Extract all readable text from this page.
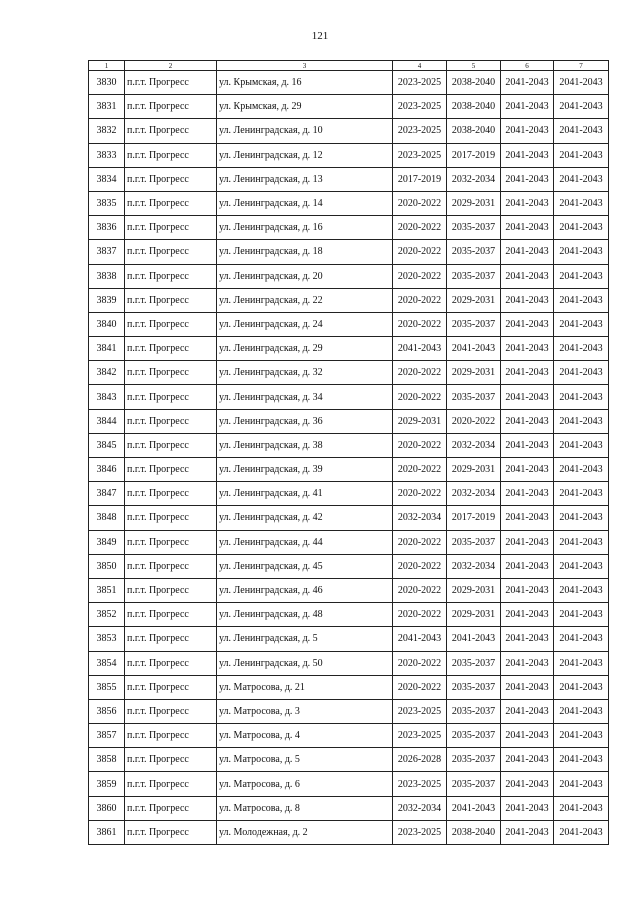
121
1	2	3	4	5	6	7
3830	п.г.т. Прогресс	ул. Крымская, д. 16	2023-2025	2038-2040	2041-2043	2041-2043
3831	п.г.т. Прогресс	ул. Крымская, д. 29	2023-2025	2038-2040	2041-2043	2041-2043
3832	п.г.т. Прогресс	ул. Ленинградская, д. 10	2023-2025	2038-2040	2041-2043	2041-2043
3833	п.г.т. Прогресс	ул. Ленинградская, д. 12	2023-2025	2017-2019	2041-2043	2041-2043
3834	п.г.т. Прогресс	ул. Ленинградская, д. 13	2017-2019	2032-2034	2041-2043	2041-2043
3835	п.г.т. Прогресс	ул. Ленинградская, д. 14	2020-2022	2029-2031	2041-2043	2041-2043
3836	п.г.т. Прогресс	ул. Ленинградская, д. 16	2020-2022	2035-2037	2041-2043	2041-2043
3837	п.г.т. Прогресс	ул. Ленинградская, д. 18	2020-2022	2035-2037	2041-2043	2041-2043
3838	п.г.т. Прогресс	ул. Ленинградская, д. 20	2020-2022	2035-2037	2041-2043	2041-2043
3839	п.г.т. Прогресс	ул. Ленинградская, д. 22	2020-2022	2029-2031	2041-2043	2041-2043
3840	п.г.т. Прогресс	ул. Ленинградская, д. 24	2020-2022	2035-2037	2041-2043	2041-2043
3841	п.г.т. Прогресс	ул. Ленинградская, д. 29	2041-2043	2041-2043	2041-2043	2041-2043
3842	п.г.т. Прогресс	ул. Ленинградская, д. 32	2020-2022	2029-2031	2041-2043	2041-2043
3843	п.г.т. Прогресс	ул. Ленинградская, д. 34	2020-2022	2035-2037	2041-2043	2041-2043
3844	п.г.т. Прогресс	ул. Ленинградская, д. 36	2029-2031	2020-2022	2041-2043	2041-2043
3845	п.г.т. Прогресс	ул. Ленинградская, д. 38	2020-2022	2032-2034	2041-2043	2041-2043
3846	п.г.т. Прогресс	ул. Ленинградская, д. 39	2020-2022	2029-2031	2041-2043	2041-2043
3847	п.г.т. Прогресс	ул. Ленинградская, д. 41	2020-2022	2032-2034	2041-2043	2041-2043
3848	п.г.т. Прогресс	ул. Ленинградская, д. 42	2032-2034	2017-2019	2041-2043	2041-2043
3849	п.г.т. Прогресс	ул. Ленинградская, д. 44	2020-2022	2035-2037	2041-2043	2041-2043
3850	п.г.т. Прогресс	ул. Ленинградская, д. 45	2020-2022	2032-2034	2041-2043	2041-2043
3851	п.г.т. Прогресс	ул. Ленинградская, д. 46	2020-2022	2029-2031	2041-2043	2041-2043
3852	п.г.т. Прогресс	ул. Ленинградская, д. 48	2020-2022	2029-2031	2041-2043	2041-2043
3853	п.г.т. Прогресс	ул. Ленинградская, д. 5	2041-2043	2041-2043	2041-2043	2041-2043
3854	п.г.т. Прогресс	ул. Ленинградская, д. 50	2020-2022	2035-2037	2041-2043	2041-2043
3855	п.г.т. Прогресс	ул. Матросова, д. 21	2020-2022	2035-2037	2041-2043	2041-2043
3856	п.г.т. Прогресс	ул. Матросова, д. 3	2023-2025	2035-2037	2041-2043	2041-2043
3857	п.г.т. Прогресс	ул. Матросова, д. 4	2023-2025	2035-2037	2041-2043	2041-2043
3858	п.г.т. Прогресс	ул. Матросова, д. 5	2026-2028	2035-2037	2041-2043	2041-2043
3859	п.г.т. Прогресс	ул. Матросова, д. 6	2023-2025	2035-2037	2041-2043	2041-2043
3860	п.г.т. Прогресс	ул. Матросова, д. 8	2032-2034	2041-2043	2041-2043	2041-2043
3861	п.г.т. Прогресс	ул. Молодежная, д. 2	2023-2025	2038-2040	2041-2043	2041-2043
